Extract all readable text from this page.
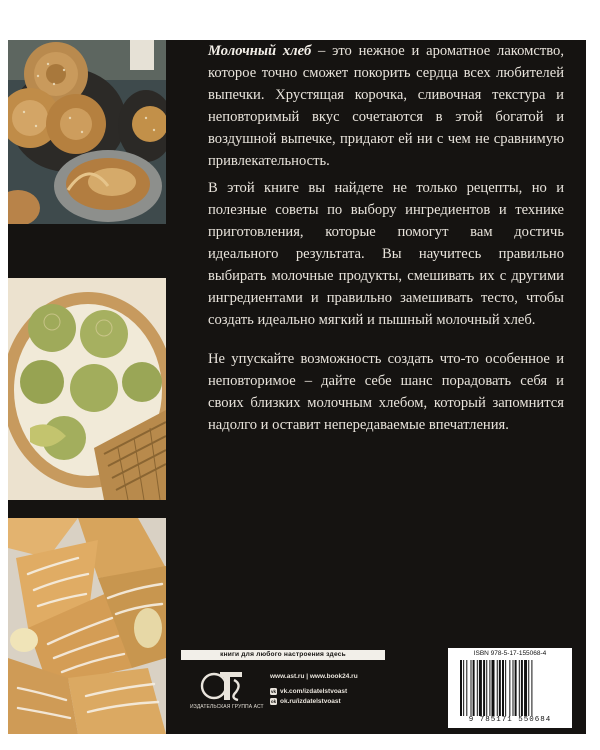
Молочный хлеб – это нежное и ароматное лакомство, которое точно сможет покорить сердца всех любителей выпечки. Хрустящая корочка, сливочная текстура и неповторимый вкус сочетаются в этой богатой и воздушной выпечке, придают ей ни с чем не сравнимую привлекательность.

В этой книге вы найдете не только рецепты, но и полезные советы по выбору ингредиентов и технике приготовления, которые помогут вам достичь идеального результата. Вы научитесь правильно выбирать молочные продукты, смешивать их с другими ингредиентами и правильно замешивать тесто, чтобы создать идеально мягкий и пышный молочный хлеб.

Не упускайте возможность создать что-то особенное и неповторимое – дайте себе шанс порадовать себя и своих близких молочным хлебом, который запомнится надолго и оставит непередаваемые впечатления.

книги для любого настроения здесь
ИЗДАТЕЛЬСКАЯ ГРУППА АСТ
www.ast.ru | www.book24.ru
vk vk.com/izdatelstvoast
ok ok.ru/izdatelstvoast
ISBN 978-5-17-155068-4
9 785171 550684
